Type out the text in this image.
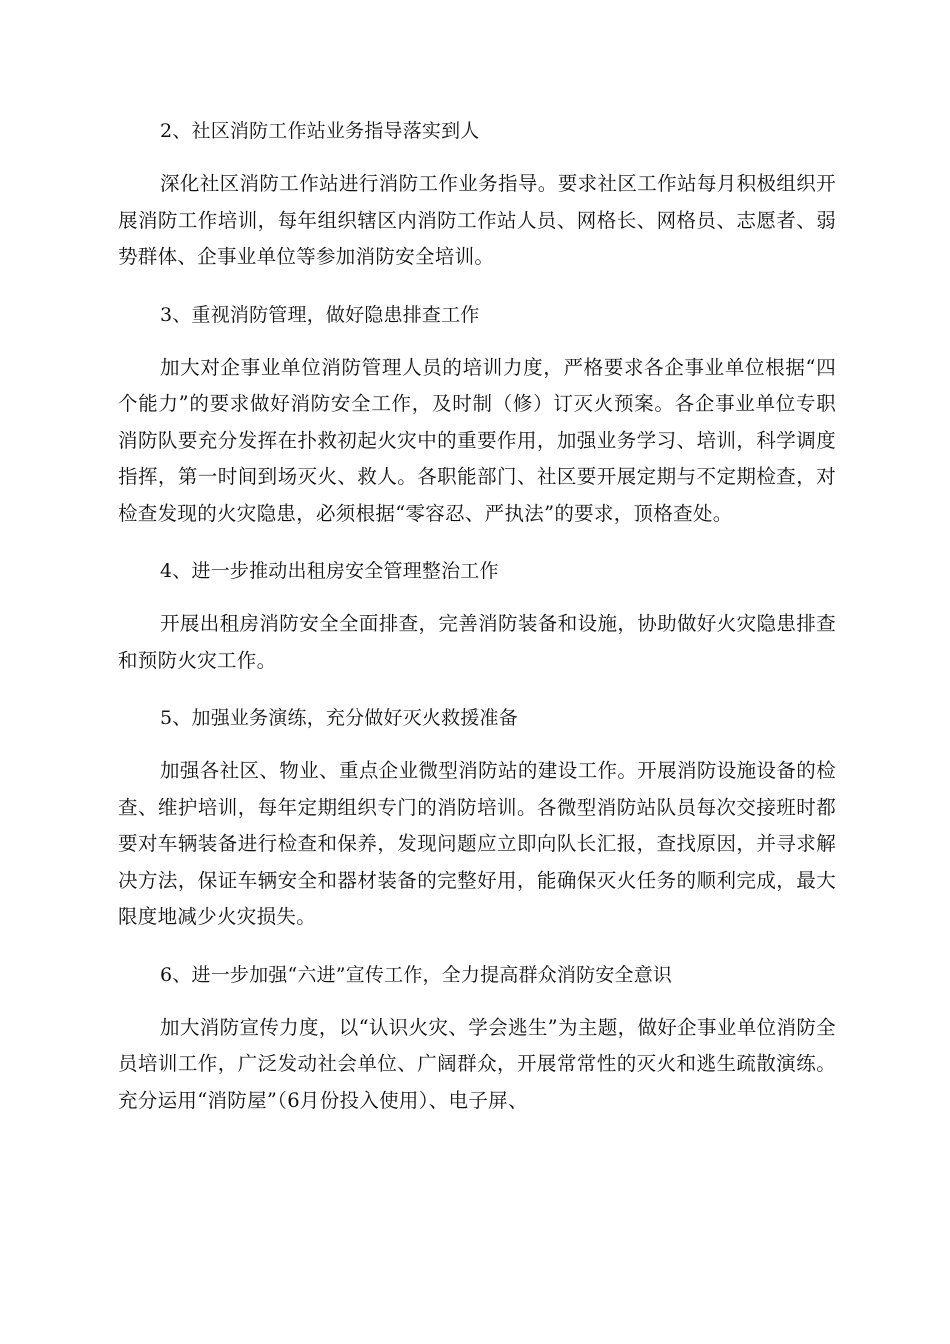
2、社区消防工作站业务指导落实到人

深化社区消防工作站进行消防工作业务指导。要求社区工作站每月积极组织开展消防工作培训，每年组织辖区内消防工作站人员、网格长、网格员、志愿者、弱势群体、企事业单位等参加消防安全培训。

3、重视消防管理，做好隐患排查工作

加大对企事业单位消防管理人员的培训力度，严格要求各企事业单位根据“四个能力”的要求做好消防安全工作，及时制（修）订灭火预案。各企事业单位专职消防队要充分发挥在扑救初起火灾中的重要作用，加强业务学习、培训，科学调度指挥，第一时间到场灭火、救人。各职能部门、社区要开展定期与不定期检查，对检查发现的火灾隐患，必须根据“零容忍、严执法”的要求，顶格查处。

4、进一步推动出租房安全管理整治工作

开展出租房消防安全全面排查，完善消防装备和设施，协助做好火灾隐患排查和预防火灾工作。

5、加强业务演练，充分做好灭火救援准备

加强各社区、物业、重点企业微型消防站的建设工作。开展消防设施设备的检查、维护培训，每年定期组织专门的消防培训。各微型消防站队员每次交接班时都要对车辆装备进行检查和保养，发现问题应立即向队长汇报，查找原因，并寻求解决方法，保证车辆安全和器材装备的完整好用，能确保灭火任务的顺利完成，最大限度地减少火灾损失。

6、进一步加强“六进”宣传工作，全力提高群众消防安全意识

加大消防宣传力度，以“认识火灾、学会逃生”为主题，做好企事业单位消防全员培训工作，广泛发动社会单位、广阔群众，开展常常性的灭火和逃生疏散演练。充分运用“消防屋”（6月份投入使用）、电子屏、
